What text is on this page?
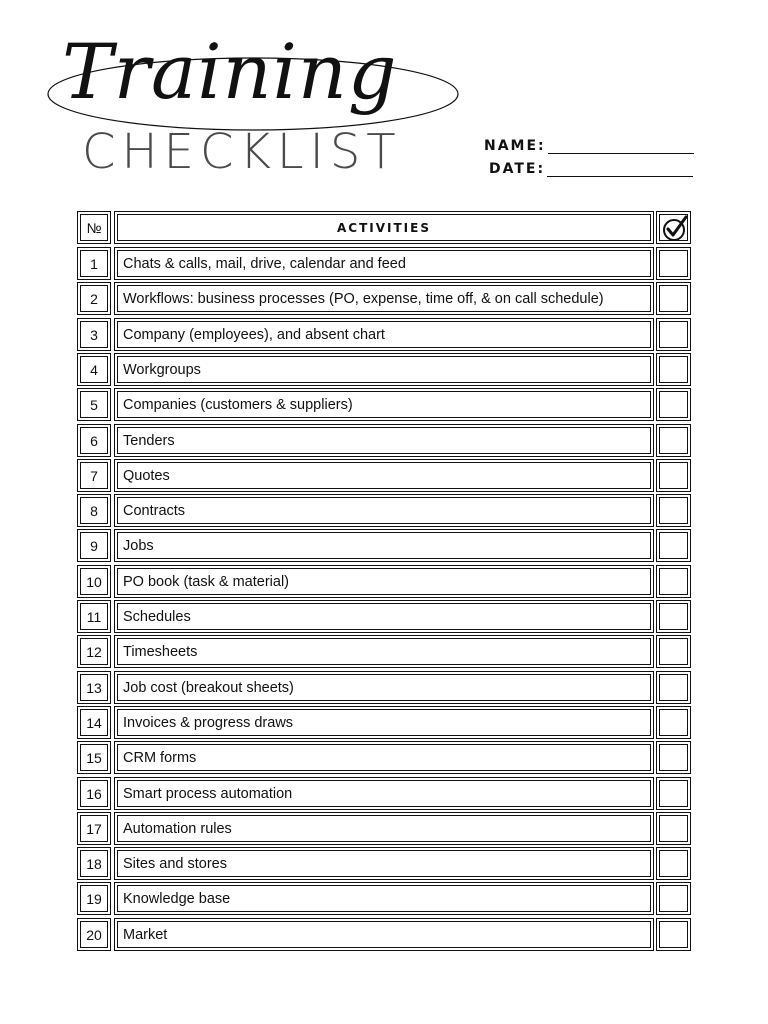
Training
CHECKLIST	NAME:
DATE:
№	ACTIVITIES
1 Chats & calls, mail, drive, calendar and feed
2 Workflows: business processes (PO, expense, time off, & on call schedule)
3 Company (employees), and absent chart
4 Workgroups
5 Companies (customers & suppliers)
6 Tenders
7 Quotes
8 Contracts
9 Jobs
10 PO book (task & material)
11 Schedules
12 Timesheets
13 Job cost (breakout sheets)
14 Invoices & progress draws
15 CRM forms
16 Smart process automation
17 Automation rules
18 Sites and stores
19 Knowledge base
20 Market
